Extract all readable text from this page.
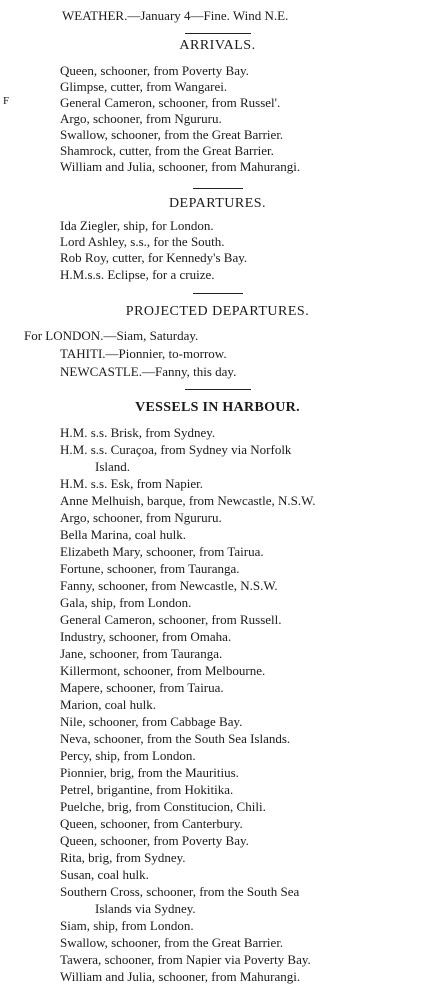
WEATHER.—January 4—Fine. Wind N.E.
ARRIVALS.
F
Queen, schooner, from Poverty Bay.
Glimpse, cutter, from Wangarei.
General Cameron, schooner, from Russel'.
Argo, schooner, from Ngururu.
Swallow, schooner, from the Great Barrier.
Shamrock, cutter, from the Great Barrier.
William and Julia, schooner, from Mahurangi.
DEPARTURES.
Ida Ziegler, ship, for London.
Lord Ashley, s.s., for the South.
Rob Roy, cutter, for Kennedy's Bay.
H.M.s.s. Eclipse, for a cruize.
PROJECTED DEPARTURES.
For LONDON.—Siam, Saturday.
TAHITI.—Pionnier, to-morrow.
NEWCASTLE.—Fanny, this day.
VESSELS IN HARBOUR.
H.M. s.s. Brisk, from Sydney.
H.M. s.s. Curaçoa, from Sydney via Norfolk
Island.
H.M. s.s. Esk, from Napier.
Anne Melhuish, barque, from Newcastle, N.S.W.
Argo, schooner, from Ngururu.
Bella Marina, coal hulk.
Elizabeth Mary, schooner, from Tairua.
Fortune, schooner, from Tauranga.
Fanny, schooner, from Newcastle, N.S.W.
Gala, ship, from London.
General Cameron, schooner, from Russell.
Industry, schooner, from Omaha.
Jane, schooner, from Tauranga.
Killermont, schooner, from Melbourne.
Mapere, schooner, from Tairua.
Marion, coal hulk.
Nile, schooner, from Cabbage Bay.
Neva, schooner, from the South Sea Islands.
Percy, ship, from London.
Pionnier, brig, from the Mauritius.
Petrel, brigantine, from Hokitika.
Puelche, brig, from Constitucion, Chili.
Queen, schooner, from Canterbury.
Queen, schooner, from Poverty Bay.
Rita, brig, from Sydney.
Susan, coal hulk.
Southern Cross, schooner, from the South Sea
Islands via Sydney.
Siam, ship, from London.
Swallow, schooner, from the Great Barrier.
Tawera, schooner, from Napier via Poverty Bay.
William and Julia, schooner, from Mahurangi.
